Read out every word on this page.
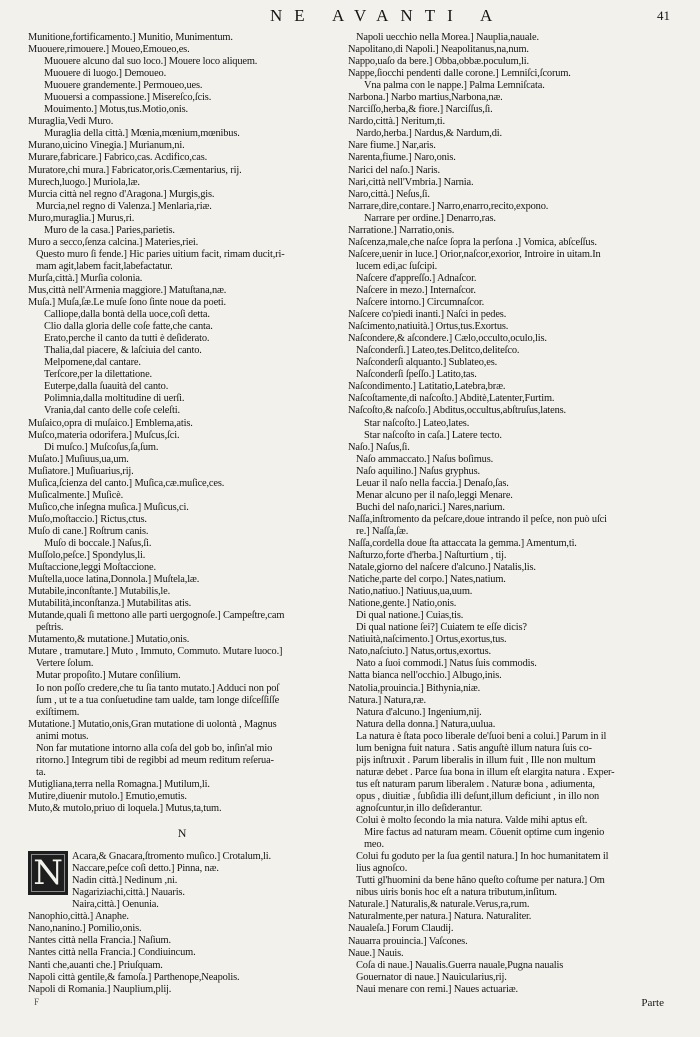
NE AVANTI A	41
Munitione,fortificamento.] Munitio, Munimentum.
Muouere,rimouere.] Moueo,Emoueo,es.
Muouere alcuno dal suo loco.] Mouere loco aliquem.
Muouere di luogo.] Demoueo.
Muouere grandemente.] Permoueo,ues.
Muouersi a compassione.] Misereſco,ſcis.
Mouimento.] Motus,tus.Motio,onis.
Muraglia,Vedi Muro.
Muraglia della città.] Mœnia,mœnium,mœnibus.
Murano,uicino Vinegia.] Murianum,ni.
Murare,fabricare.] Fabrico,cas. Acdifico,cas.
Muratore,chi mura.] Fabricator,oris.Cæmentarius, rij.
Murech,luogo.] Muriola,læ.
Murcia città nel regno d'Aragona.] Murgis,gis.
Murcia,nel regno di Valenza.] Menlaria,riæ.
Muro,muraglia.] Murus,ri.
Muro de la casa.] Paries,parietis.
Muro a secco,ſenza calcina.] Materies,riei.
Questo muro ſi fende.] Hic paries uitium facit, rimam ducit,ri-
mam agit,labem facit,labefactatur.
Murſa,città.] Murſia colonia.
Mus,città nell'Armenia maggiore.] Matuſtana,næ.
Muſa.] Muſa,ſæ.Le muſe ſono ſinte noue da poeti.
Calliope,dalla bontà della uoce,coſi detta.
Clio dalla gloria delle coſe fatte,che canta.
Erato,perche il canto da tutti è deſiderato.
Thalia,dal piacere, & laſciuia del canto.
Melpomene,dal cantare.
Terſcore,per la dilettatione.
Euterpe,dalla ſuauità del canto.
Polimnia,dalla moltitudine di uerſi.
Vrania,dal canto delle coſe celeſti.
Muſaico,opra di muſaico.] Emblema,atis.
Muſco,materia odorifera.] Muſcus,ſci.
Di muſco.] Muſcoſus,ſa,ſum.
Muſato.] Muſiuus,ua,um.
Muſiatore.] Muſiuarius,rij.
Muſica,ſcienza del canto.] Muſica,cæ.muſice,ces.
Muſicalmente.] Muſicè.
Muſico,che inſegna muſica.] Muſicus,ci.
Muſo,moſtaccio.] Rictus,ctus.
Muſo di cane.] Roſtrum canis.
Muſo di boccale.] Naſus,ſi.
Muſſolo,peſce.] Spondylus,li.
Muſtaccione,leggi Moſtaccione.
Muſtella,uoce latina,Donnola.] Muſtela,læ.
Mutabile,inconſtante.] Mutabilis,le.
Mutabilità,inconſtanza.] Mutabilitas atis.
Mutande,quali ſi mettono alle parti uergognoſe.] Campeſtre,cam
peſtris.
Mutamento,& mutatione.] Mutatio,onis.
Mutare , tramutare.] Muto , Immuto, Commuto. Mutare luoco.]
Vertere ſolum.
Mutar propoſito.] Mutare conſilium.
Io non poſſo credere,che tu ſia tanto mutato.] Adduci non poſ
ſum , ut te a tua conſuetudine tam ualde, tam longe diſceſſiſſe
exiſtimem.
Mutatione.] Mutatio,onis,Gran mutatione di uolontà , Magnus
animi motus.
Non far mutatione intorno alla coſa del gob bo, inſin'al mio
ritorno.] Integrum tibi de regibbi ad meum reditum reſerua-
ta.
Mutigliana,terra nella Romagna.] Mutilum,li.
Mutire,diuenir mutolo.] Emutio,emutis.
Muto,& mutolo,priuo di loquela.] Mutus,ta,tum.
N
N Acara,& Gnacara,ſtromento muſico.] Crotalum,li.
Naccare,peſce coſi detto.] Pinna, næ.
Nadin città.] Nedinum ,ni.
Nagariziachi,città.] Nauaris.
Naira,città.] Oenunia.
Nanophio,città.] Anaphe.
Nano,nanino.] Pomilio,onis.
Nantes città nella Francia.] Naſium.
Nantes città nella Francia.] Condiuincum.
Nanti che,auanti che.] Priuſquam.
Napoli città gentile,& famoſa.] Parthenope,Neapolis.
Napoli di Romania.] Nauplium,plij.
Napoli uecchio nella Morea.] Nauplia,nauale.
Napolitano,di Napoli.] Neapolitanus,na,num.
Nappo,uaſo da bere.] Obba,obbæ.poculum,li.
Nappe,ſiocchi pendenti dalle corone.] Lemniſci,ſcorum.
Vna palma con le nappe.] Palma Lemniſcata.
Narbona.] Narbo martius,Narbona,næ.
Narciſſo,herba,& fiore.] Narciſſus,ſi.
Nardo,città.] Neritum,ti.
Nardo,herba.] Nardus,& Nardum,di.
Nare fiume.] Nar,aris.
Narenta,fiume.] Naro,onis.
Narici del naſo.] Naris.
Nari,città nell'Vmbria.] Narnia.
Naro,città.] Neſus,ſi.
Narrare,dire,contare.] Narro,enarro,recito,expono.
Narrare per ordine.] Denarro,ras.
Narratione.] Narratio,onis.
Naſcenza,male,che naſce ſopra la perſona .] Vomica, abſceſſus.
Naſcere,uenir in luce.] Orior,naſcor,exorior, Introire in uitam.In
lucem edi,ac ſuſcipi.
Naſcere d'appreſſo.] Adnaſcor.
Naſcere in mezo.] Internaſcor.
Naſcere intorno.] Circumnaſcor.
Naſcere co'piedi inanti.] Naſci in pedes.
Naſcimento,natiuità.] Ortus,tus.Exortus.
Naſcondere,& aſcondere.] Cælo,occulto,oculo,lis.
Naſconderſi.] Lateo,tes.Delitco,deliteſco.
Naſconderſi alquanto.] Sublateo,es.
Naſconderſi ſpeſſo.] Latito,tas.
Naſcondimento.] Latitatio,Latebra,bræ.
Naſcoſtamente,di naſcoſto.] Abditè,Latenter,Furtim.
Naſcoſto,& naſcoſo.] Abditus,occultus,abſtruſus,latens.
Star naſcoſto.] Lateo,lates.
Star naſcoſto in caſa.] Latere tecto.
Naſo.] Naſus,ſi.
Naſo ammaccato.] Naſus boſimus.
Naſo aquilino.] Naſus gryphus.
Leuar il naſo nella faccia.] Denaſo,ſas.
Menar alcuno per il naſo,leggi Menare.
Buchi del naſo,narici.] Nares,narium.
Naſſa,inſtromento da peſcare,doue intrando il peſce, non può uſci
re.] Naſſa,ſæ.
Naſſa,cordella doue ſta attaccata la gemma.] Amentum,ti.
Naſturzo,forte d'herba.] Naſturtium , tij.
Natale,giorno del naſcere d'alcuno.] Natalis,lis.
Natiche,parte del corpo.] Nates,natium.
Natio,natiuo.] Natiuus,ua,uum.
Natione,gente.] Natio,onis.
Di qual natione.] Cuias,tis.
Di qual natione ſei?] Cuiatem te eſſe dicis?
Natiuità,naſcimento.] Ortus,exortus,tus.
Nato,naſciuto.] Natus,ortus,exortus.
Nato a ſuoi commodi.] Natus ſuis commodis.
Natta bianca nell'occhio.] Albugo,inis.
Natolia,prouincia.] Bithynia,niæ.
Natura.] Natura,ræ.
Natura d'alcuno.] Ingenium,nij.
Natura della donna.] Natura,uulua.
La natura è ſtata poco liberale de'ſuoi beni a colui.] Parum in il
lum benigna fuit natura . Satis anguſtè illum natura ſuis co-
pijs inſtruxit . Parum liberalis in illum fuit , Ille non multum
naturæ debet . Parce ſua bona in illum eſt elargita natura . Exper-
tus eſt naturam parum liberalem . Naturæ bona , adiumenta,
opus , diuitiæ , ſubſidia illi deſunt,illum deficiunt , in illo non
agnoſcuntur,in illo deſiderantur.
Colui è molto ſecondo la mia natura. Valde mihi aptus eſt.
Mire factus ad naturam meam. Cõuenit optime cum ingenio
meo.
Colui fu goduto per la ſua gentil natura.] In hoc humanitatem il
lius agnoſco.
Tutti gl'huomini da bene hãno queſto coſtume per natura.] Om
nibus uiris bonis hoc eſt a natura tributum,inſitum.
Naturale.] Naturalis,& naturale.Verus,ra,rum.
Naturalmente,per natura.] Natura. Naturaliter.
Naualeſa.] Forum Claudij.
Nauarra prouincia.] Vaſcones.
Naue.] Nauis.
Coſa di naue.] Naualis.Guerra nauale,Pugna naualis
Gouernator di naue.] Nauicularius,rij.
Naui menare con remi.] Naues actuariæ.
F	Parte
